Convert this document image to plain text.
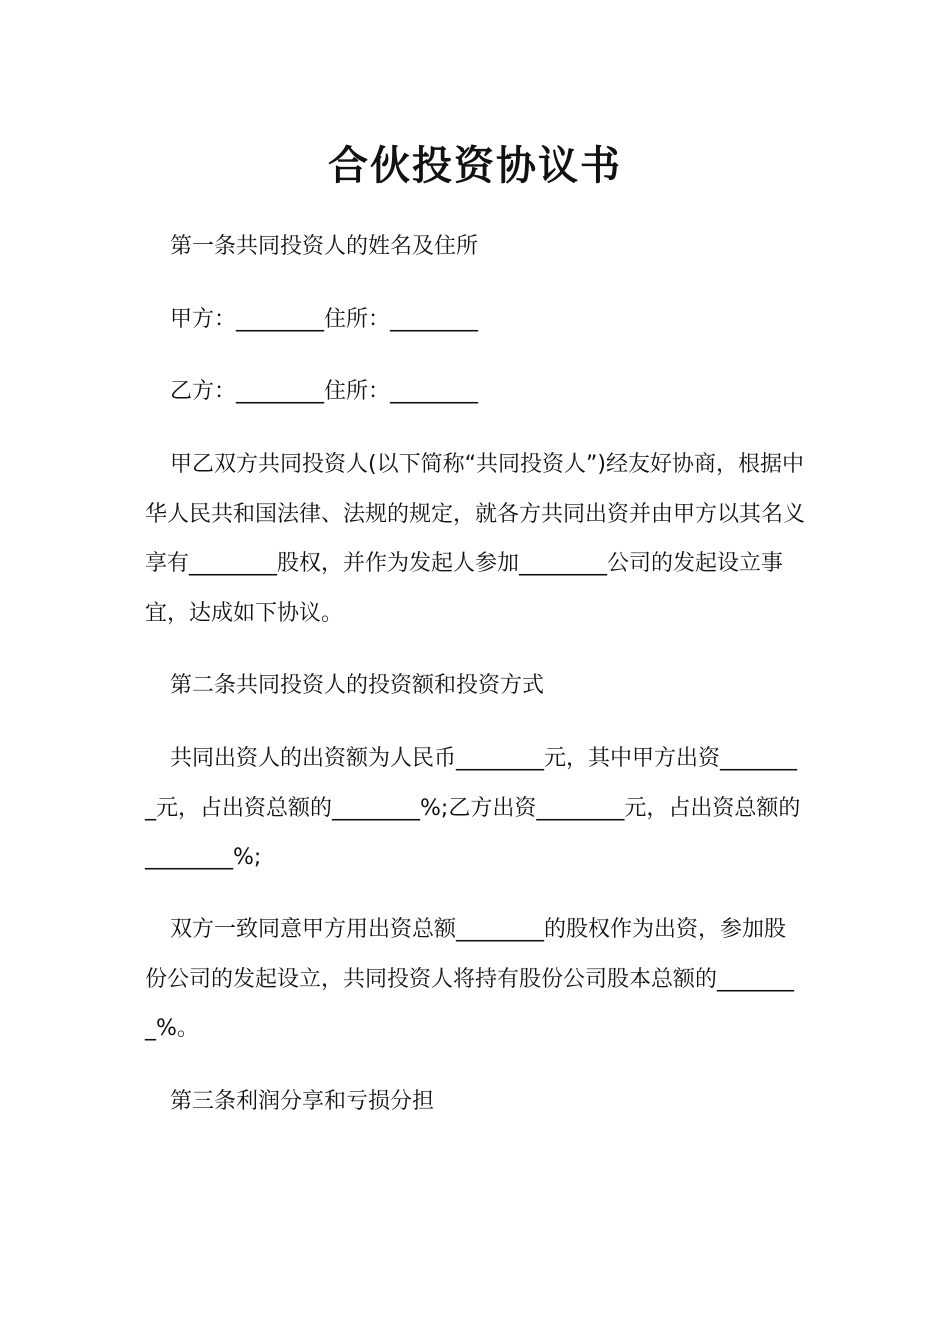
合伙投资协议书

第一条共同投资人的姓名及住所

甲方：________住所：________

乙方：________住所：________

甲乙双方共同投资人(以下简称“共同投资人”)经友好协商，根据中华人民共和国法律、法规的规定，就各方共同出资并由甲方以其名义享有________股权，并作为发起人参加________公司的发起设立事宜，达成如下协议。

第二条共同投资人的投资额和投资方式

共同出资人的出资额为人民币________元，其中甲方出资________元，占出资总额的________%;乙方出资________元，占出资总额的________%;

双方一致同意甲方用出资总额________的股权作为出资，参加股份公司的发起设立，共同投资人将持有股份公司股本总额的________%。

第三条利润分享和亏损分担
